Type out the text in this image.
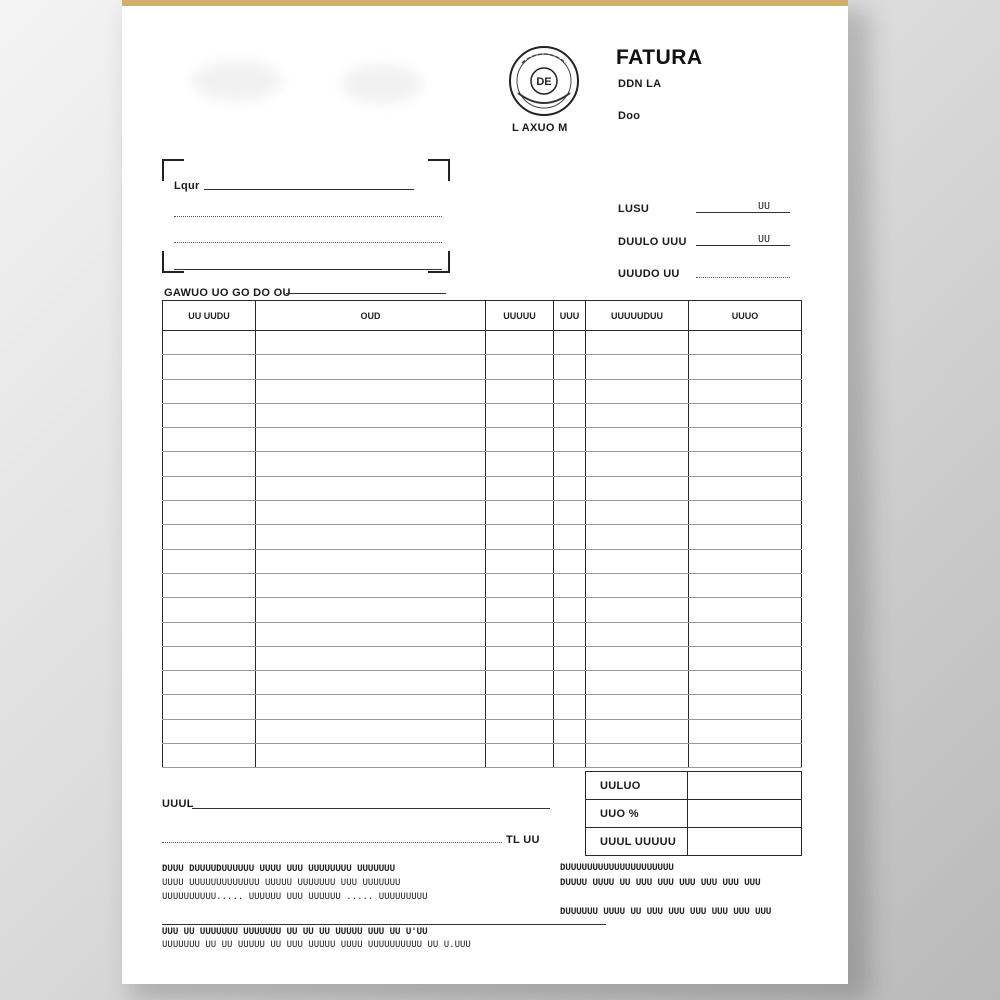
DE
L AXUO M
FATURA
DDN LA
Doo
Lqur
GAWUO UO GO DO OU
LUSU	UU
DUULO UUU	UU
UUUDO UU
UU UUDU	OUD	UUUUU	UUU	UUUUUDUU	UUUO

UULUO	
UUO %	
UUUL UUUUU	
UUUL
TL UU
DUUU DUUUUDUUUUUU UUUU UUU UUUUUUUU UUUUUUU
UUUU UUUUUUUUUUUUU UUUUU UUUUUUU UUU UUUUUUU
UUUUUUUUUU..... UUUUUU UUU UUUUUU ..... UUUUUUUUU
DUUUUUUUUUUUUUUUUUUUU
DUUUU UUUU UU UUU UUU UUU UUU UUU UUU
DUUUUUU UUUU UU UUU UUU UUU UUU UUU UUU
UUU UU UUUUUUU UUUUUUU UU UU UU UUUUU UUU UU U'UU
UUUUUUU UU UU UUUUU UU UUU UUUUU UUUU UUUUUUUUUU UU U.UUU
